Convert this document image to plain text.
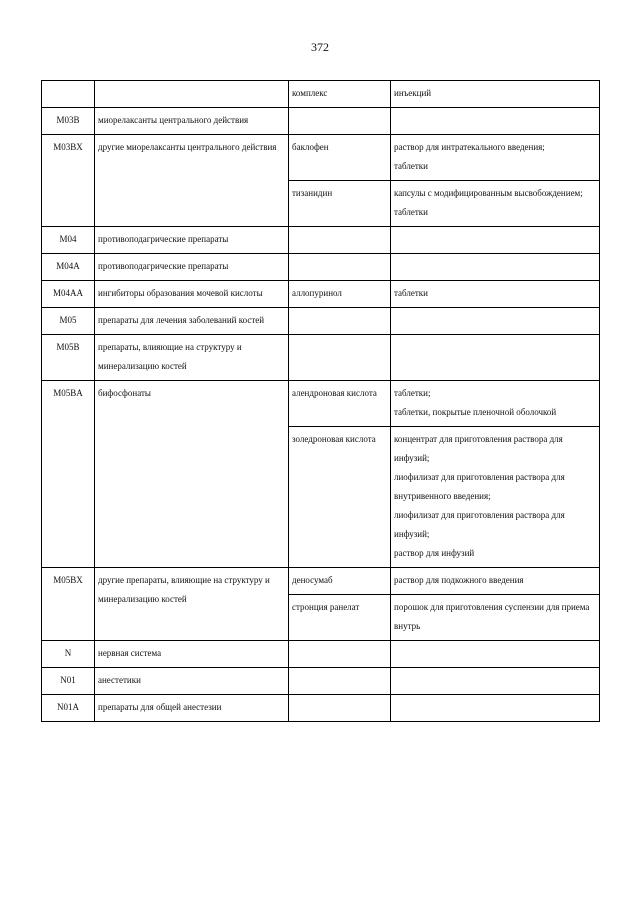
372

		комплекс	инъекций

M03B	миорелаксанты центрального действия	

M03BX	другие миорелаксанты центрального действия	баклофен	раствор для интратекального введения;
таблетки

		тизанидин	капсулы с модифицированным высвобождением;
таблетки

M04	противоподагрические препараты	

M04A	противоподагрические препараты	

M04AA	ингибиторы образования мочевой кислоты	аллопуринол	таблетки

M05	препараты для лечения заболеваний костей	

M05B	препараты, влияющие на структуру и минерализацию костей	

M05BA	бифосфонаты	алендроновая кислота	таблетки;
таблетки, покрытые пленочной оболочкой

		золедроновая кислота	концентрат для приготовления раствора для инфузий;
лиофилизат для приготовления раствора для внутривенного введения;
лиофилизат для приготовления раствора для инфузий;
раствор для инфузий

M05BX	другие препараты, влияющие на структуру и минерализацию костей	деносумаб	раствор для подкожного введения

		стронция ранелат	порошок для приготовления суспензии для приема внутрь

N	нервная система	

N01	анестетики	

N01A	препараты для общей анестезии	
